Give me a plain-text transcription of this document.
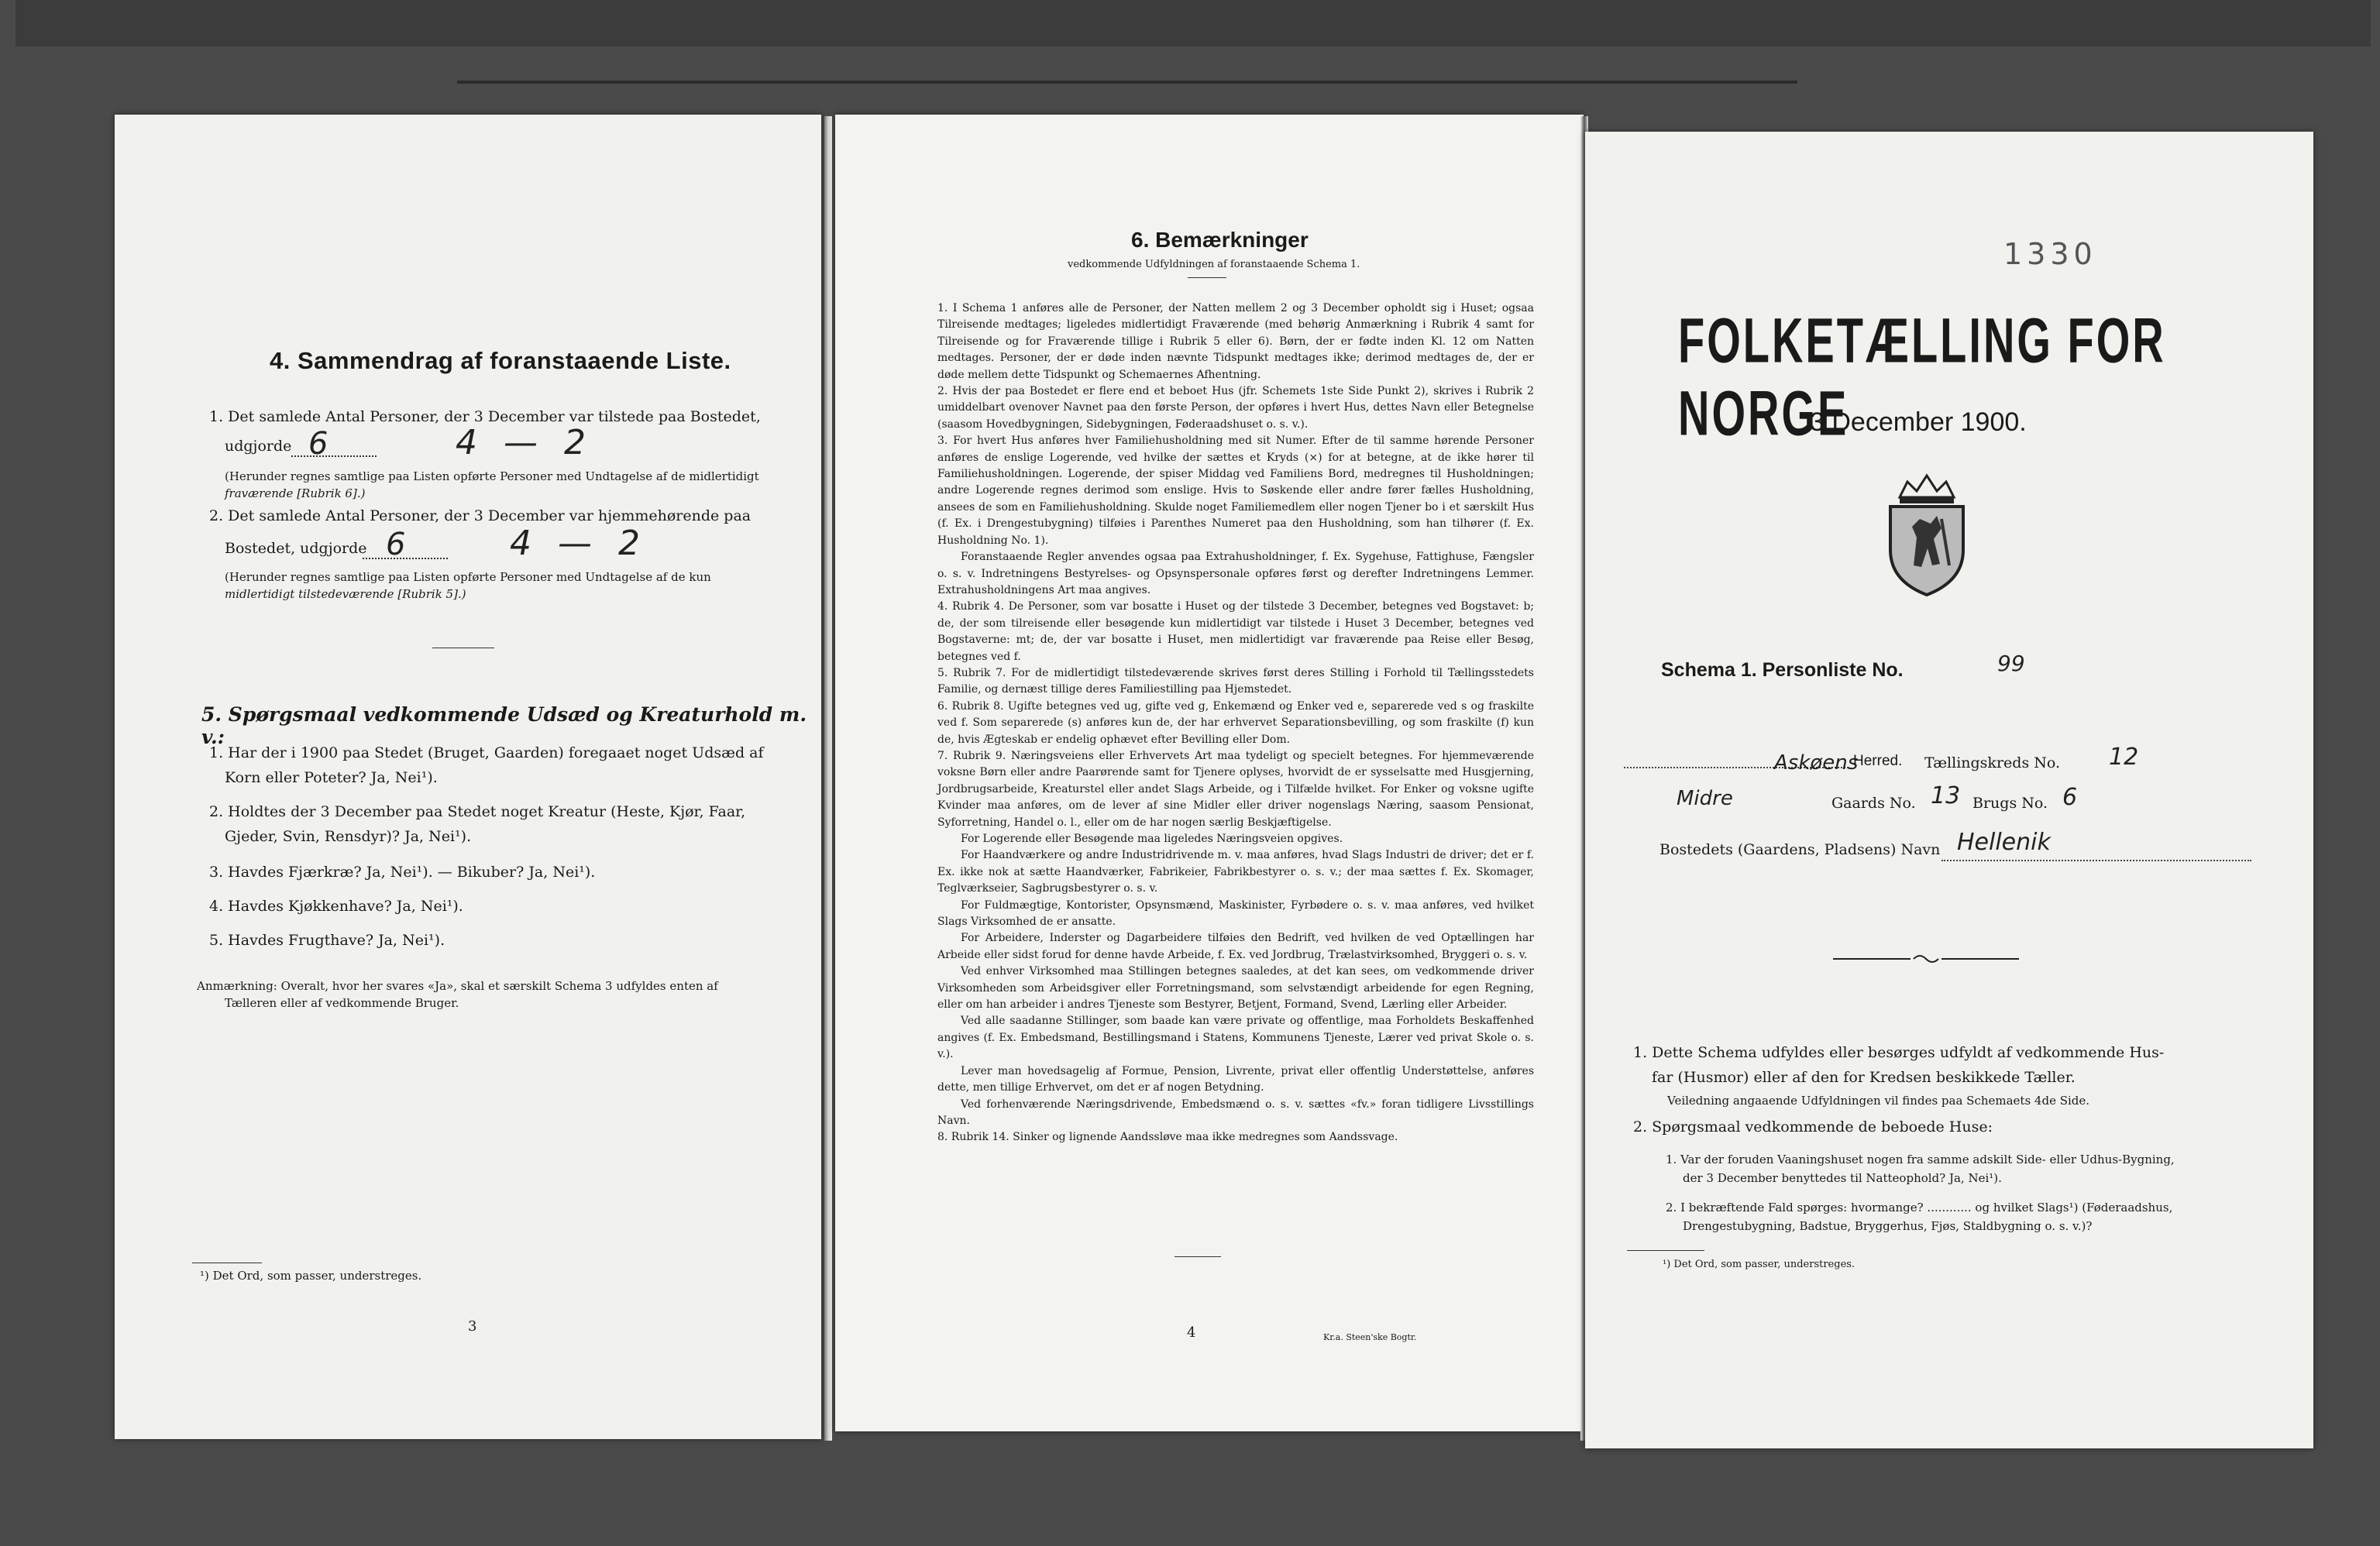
4. Sammendrag af foranstaaende Liste.
1. Det samlede Antal Personer, der 3 December var tilstede paa Bostedet,
udgjorde 6	4 — 2
(Herunder regnes samtlige paa Listen opførte Personer med Undtagelse af de midlertidigt
fraværende [Rubrik 6].)
2. Det samlede Antal Personer, der 3 December var hjemmehørende paa
Bostedet, udgjorde 6	4 — 2
(Herunder regnes samtlige paa Listen opførte Personer med Undtagelse af de kun
midlertidigt tilstedeværende [Rubrik 5].)
5. Spørgsmaal vedkommende Udsæd og Kreaturhold m. v.:
1. Har der i 1900 paa Stedet (Bruget, Gaarden) foregaaet noget Udsæd af
Korn eller Poteter? Ja, Nei¹).
2. Holdtes der 3 December paa Stedet noget Kreatur (Heste, Kjør, Faar,
Gjeder, Svin, Rensdyr)? Ja, Nei¹).
3. Havdes Fjærkræ? Ja, Nei¹). — Bikuber? Ja, Nei¹).
4. Havdes Kjøkkenhave? Ja, Nei¹).
5. Havdes Frugthave? Ja, Nei¹).
Anmærkning: Overalt, hvor her svares «Ja», skal et særskilt Schema 3 udfyldes enten af
Tælleren eller af vedkommende Bruger.
¹) Det Ord, som passer, understreges.
3
6. Bemærkninger
vedkommende Udfyldningen af foranstaaende Schema 1.

1. I Schema 1 anføres alle de Personer, der Natten mellem 2 og 3 December opholdt sig i Huset; ogsaa Tilreisende medtages; ligeledes midlertidigt Fraværende (med behørig Anmærkning i Rubrik 4 samt for Tilreisende og for Fraværende tillige i Rubrik 5 eller 6). Børn, der er fødte inden Kl. 12 om Natten medtages. Personer, der er døde inden nævnte Tidspunkt medtages ikke; derimod medtages de, der er døde mellem dette Tidspunkt og Schemaernes Afhentning.

2. Hvis der paa Bostedet er flere end et beboet Hus (jfr. Schemets 1ste Side Punkt 2), skrives i Rubrik 2 umiddelbart ovenover Navnet paa den første Person, der opføres i hvert Hus, dettes Navn eller Betegnelse (saasom Hovedbygningen, Sidebygningen, Føderaadshuset o. s. v.).

3. For hvert Hus anføres hver Familiehusholdning med sit Numer. Efter de til samme hørende Personer anføres de enslige Logerende, ved hvilke der sættes et Kryds (×) for at betegne, at de ikke hører til Familiehusholdningen. Logerende, der spiser Middag ved Familiens Bord, medregnes til Husholdningen; andre Logerende regnes derimod som enslige. Hvis to Søskende eller andre fører fælles Husholdning, ansees de som en Familiehusholdning. Skulde noget Familiemedlem eller nogen Tjener bo i et særskilt Hus (f. Ex. i Drengestubygning) tilføies i Parenthes Numeret paa den Husholdning, som han tilhører (f. Ex. Husholdning No. 1).

Foranstaaende Regler anvendes ogsaa paa Extrahusholdninger, f. Ex. Sygehuse, Fattighuse, Fængsler o. s. v. Indretningens Bestyrelses- og Opsynspersonale opføres først og derefter Indretningens Lemmer. Extrahusholdningens Art maa angives.

4. Rubrik 4. De Personer, som var bosatte i Huset og der tilstede 3 December, betegnes ved Bogstavet: b; de, der som tilreisende eller besøgende kun midlertidigt var tilstede i Huset 3 December, betegnes ved Bogstaverne: mt; de, der var bosatte i Huset, men midlertidigt var fraværende paa Reise eller Besøg, betegnes ved f.

5. Rubrik 7. For de midlertidigt tilstedeværende skrives først deres Stilling i Forhold til Tællingsstedets Familie, og dernæst tillige deres Familiestilling paa Hjemstedet.

6. Rubrik 8. Ugifte betegnes ved ug, gifte ved g, Enkemænd og Enker ved e, separerede ved s og fraskilte ved f. Som separerede (s) anføres kun de, der har erhvervet Separationsbevilling, og som fraskilte (f) kun de, hvis Ægteskab er endelig ophævet efter Bevilling eller Dom.

7. Rubrik 9. Næringsveiens eller Erhvervets Art maa tydeligt og specielt betegnes. For hjemmeværende voksne Børn eller andre Paarørende samt for Tjenere oplyses, hvorvidt de er sysselsatte med Husgjerning, Jordbrugsarbeide, Kreaturstel eller andet Slags Arbeide, og i Tilfælde hvilket. For Enker og voksne ugifte Kvinder maa anføres, om de lever af sine Midler eller driver nogenslags Næring, saasom Pensionat, Syforretning, Handel o. l., eller om de har nogen særlig Beskjæftigelse.

For Logerende eller Besøgende maa ligeledes Næringsveien opgives.

For Haandværkere og andre Industridrivende m. v. maa anføres, hvad Slags Industri de driver; det er f. Ex. ikke nok at sætte Haandværker, Fabrikeier, Fabrikbestyrer o. s. v.; der maa sættes f. Ex. Skomager, Teglværkseier, Sagbrugsbestyrer o. s. v.

For Fuldmægtige, Kontorister, Opsynsmænd, Maskinister, Fyrbødere o. s. v. maa anføres, ved hvilket Slags Virksomhed de er ansatte.

For Arbeidere, Inderster og Dagarbeidere tilføies den Bedrift, ved hvilken de ved Optællingen har Arbeide eller sidst forud for denne havde Arbeide, f. Ex. ved Jordbrug, Trælastvirksomhed, Bryggeri o. s. v.

Ved enhver Virksomhed maa Stillingen betegnes saaledes, at det kan sees, om vedkommende driver Virksomheden som Arbeidsgiver eller Forretningsmand, som selvstændigt arbeidende for egen Regning, eller om han arbeider i andres Tjeneste som Bestyrer, Betjent, Formand, Svend, Lærling eller Arbeider.

Ved alle saadanne Stillinger, som baade kan være private og offentlige, maa Forholdets Beskaffenhed angives (f. Ex. Embedsmand, Bestillingsmand i Statens, Kommunens Tjeneste, Lærer ved privat Skole o. s. v.).

Lever man hovedsagelig af Formue, Pension, Livrente, privat eller offentlig Understøttelse, anføres dette, men tillige Erhvervet, om det er af nogen Betydning.

Ved forhenværende Næringsdrivende, Embedsmænd o. s. v. sættes «fv.» foran tidligere Livsstillings Navn.

8. Rubrik 14. Sinker og lignende Aandssløve maa ikke medregnes som Aandssvage.

4	Kr.a. Steen'ske Bogtr.
1330
FOLKETÆLLING FOR NORGE
3 December 1900.
Schema 1. Personliste No.	99
Askøens
Herred. Tællingskreds No. 12
Midre	Gaards No. 13 Brugs No. 6
Bostedets (Gaardens, Pladsens) Navn Hellenik
1. Dette Schema udfyldes eller besørges udfyldt af vedkommende Hus-
far (Husmor) eller af den for Kredsen beskikkede Tæller.
Veiledning angaaende Udfyldningen vil findes paa Schemaets 4de Side.
2. Spørgsmaal vedkommende de beboede Huse:
1. Var der foruden Vaaningshuset nogen fra samme adskilt Side- eller Udhus-Bygning,
der 3 December benyttedes til Natteophold? Ja, Nei¹).
2. I bekræftende Fald spørges: hvormange? ............ og hvilket Slags¹) (Føderaadshus,
Drengestubygning, Badstue, Bryggerhus, Fjøs, Staldbygning o. s. v.)?
¹) Det Ord, som passer, understreges.
